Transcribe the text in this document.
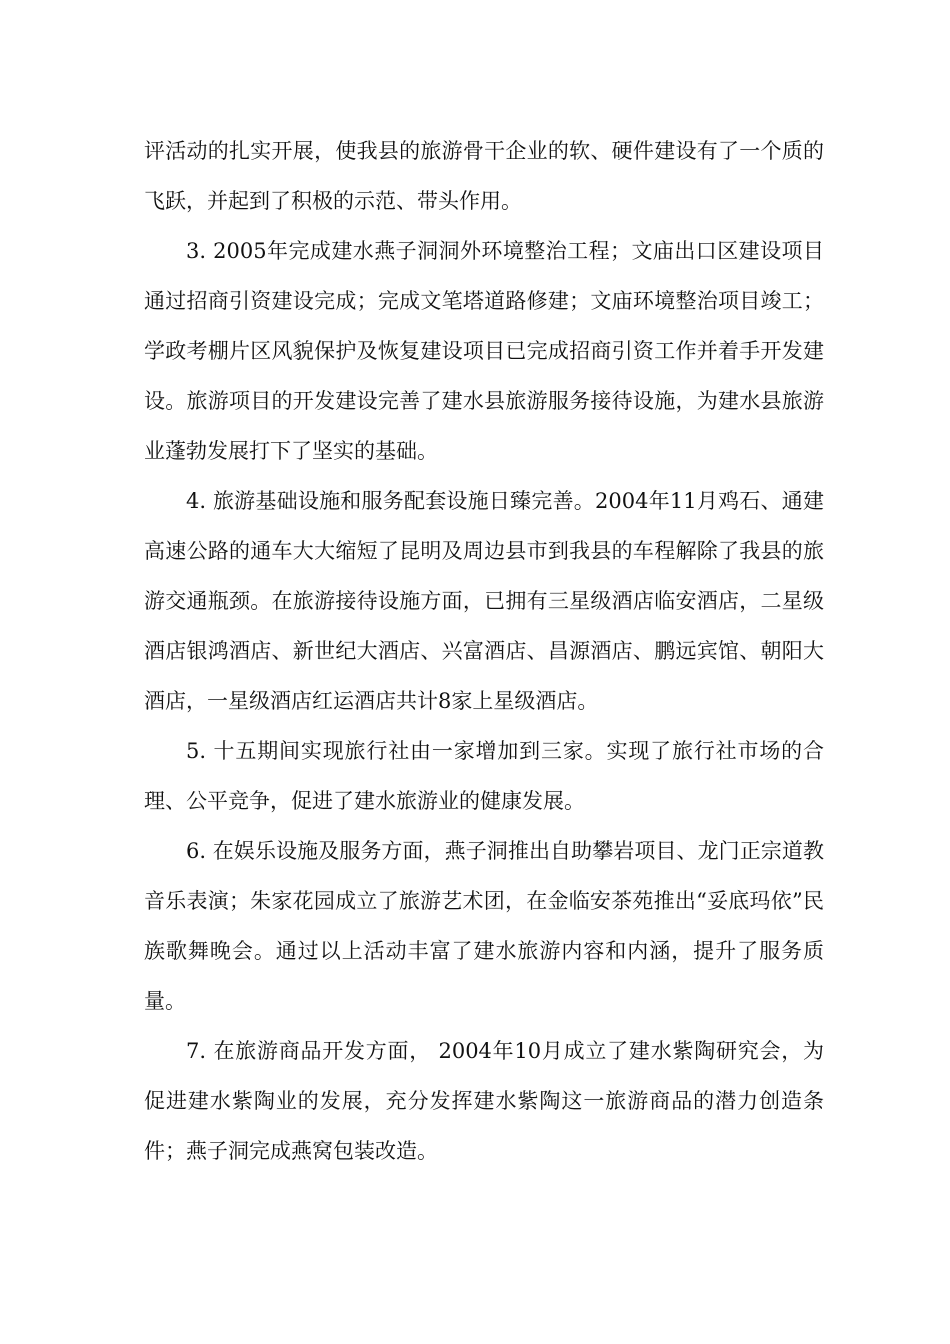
评活动的扎实开展，使我县的旅游骨干企业的软、硬件建设有了一个质的飞跃，并起到了积极的示范、带头作用。

3. 2005年完成建水燕子洞洞外环境整治工程；文庙出口区建设项目通过招商引资建设完成；完成文笔塔道路修建；文庙环境整治项目竣工；学政考棚片区风貌保护及恢复建设项目已完成招商引资工作并着手开发建设。旅游项目的开发建设完善了建水县旅游服务接待设施，为建水县旅游业蓬勃发展打下了坚实的基础。

4. 旅游基础设施和服务配套设施日臻完善。2004年11月鸡石、通建高速公路的通车大大缩短了昆明及周边县市到我县的车程解除了我县的旅游交通瓶颈。在旅游接待设施方面，已拥有三星级酒店临安酒店，二星级酒店银鸿酒店、新世纪大酒店、兴富酒店、昌源酒店、鹏远宾馆、朝阳大酒店，一星级酒店红运酒店共计8家上星级酒店。

5. 十五期间实现旅行社由一家增加到三家。实现了旅行社市场的合理、公平竞争，促进了建水旅游业的健康发展。

6. 在娱乐设施及服务方面，燕子洞推出自助攀岩项目、龙门正宗道教音乐表演；朱家花园成立了旅游艺术团，在金临安茶苑推出“妥底玛依”民族歌舞晚会。通过以上活动丰富了建水旅游内容和内涵，提升了服务质量。

7. 在旅游商品开发方面， 2004年10月成立了建水紫陶研究会，为促进建水紫陶业的发展，充分发挥建水紫陶这一旅游商品的潜力创造条件；燕子洞完成燕窝包装改造。
